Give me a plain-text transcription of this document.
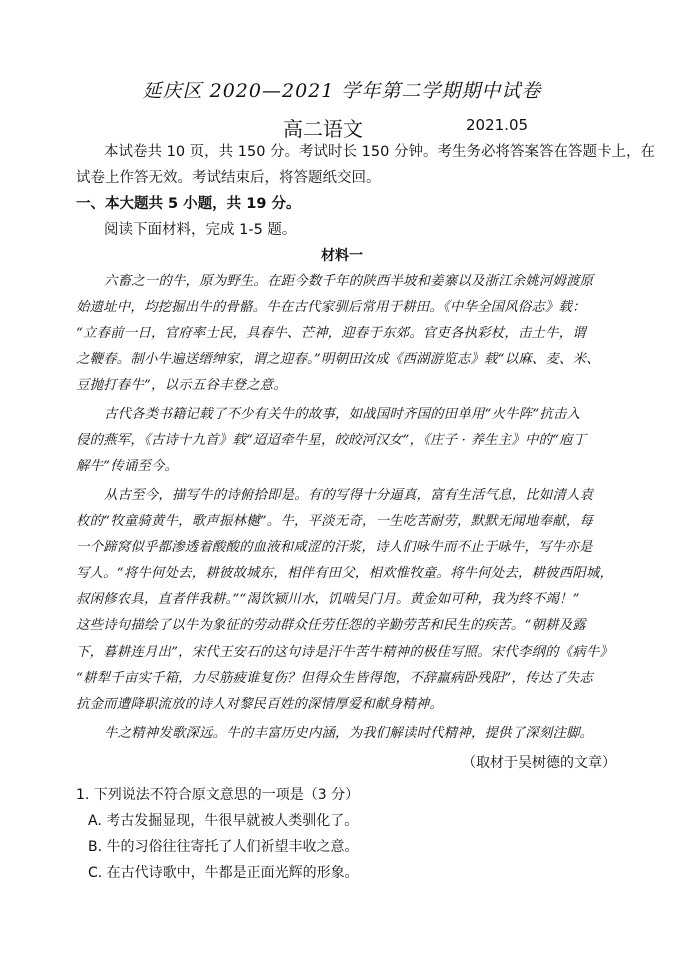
延庆区 2020—2021 学年第二学期期中试卷
高二语文	2021.05
本试卷共 10 页，共 150 分。考试时长 150 分钟。考生务必将答案答在答题卡上，在
试卷上作答无效。考试结束后，将答题纸交回。
一、本大题共 5 小题，共 19 分。
阅读下面材料，完成 1-5 题。
材料一
六畜之一的牛，原为野生。在距今数千年的陕西半坡和姜寨以及浙江余姚河姆渡原
始遗址中，均挖掘出牛的骨骼。牛在古代家驯后常用于耕田。《中华全国风俗志》载：
“立春前一日，官府率士民，具春牛、芒神，迎春于东郊。官吏各执彩杖，击土牛，谓
之鞭春。制小牛遍送缙绅家，谓之迎春。”明朝田汝成《西湖游览志》载“以麻、麦、米、
豆抛打春牛”，以示五谷丰登之意。
古代各类书籍记载了不少有关牛的故事，如战国时齐国的田单用“火牛阵”抗击入
侵的燕军，《古诗十九首》载“迢迢牵牛星，皎皎河汉女”，《庄子 · 养生主》中的“庖丁
解牛”传诵至今。
从古至今，描写牛的诗俯拾即是。有的写得十分逼真，富有生活气息，比如清人袁
枚的“牧童骑黄牛，歌声振林樾”。牛，平淡无奇，一生吃苦耐劳，默默无闻地奉献，每
一个蹄窝似乎都渗透着酸酸的血液和咸涩的汗浆，诗人们咏牛而不止于咏牛，写牛亦是
写人。“将牛何处去，耕彼故城东，相伴有田父，相欢惟牧童。将牛何处去，耕彼西阳城，
叔闲修农具，直者伴我耕。”“渴饮颍川水，饥啮吴门月。黄金如可种，我为终不竭！”
这些诗句描绘了以牛为象征的劳动群众任劳任怨的辛勤劳苦和民生的疾苦。“朝耕及露
下，暮耕连月出”，宋代王安石的这句诗是汗牛苦牛精神的极佳写照。宋代李纲的《病牛》
“耕犁千亩实千箱，力尽筋疲谁复伤？但得众生皆得饱，不辞羸病卧残阳”，传达了失志
抗金而遭降职流放的诗人对黎民百姓的深情厚爱和献身精神。
牛之精神发歌深远。牛的丰富历史内涵，为我们解读时代精神，提供了深刻注脚。
（取材于吴树德的文章）
1. 下列说法不符合原文意思的一项是（3 分）
A. 考古发掘显现，牛很早就被人类驯化了。
B. 牛的习俗往往寄托了人们祈望丰收之意。
C. 在古代诗歌中，牛都是正面光辉的形象。
